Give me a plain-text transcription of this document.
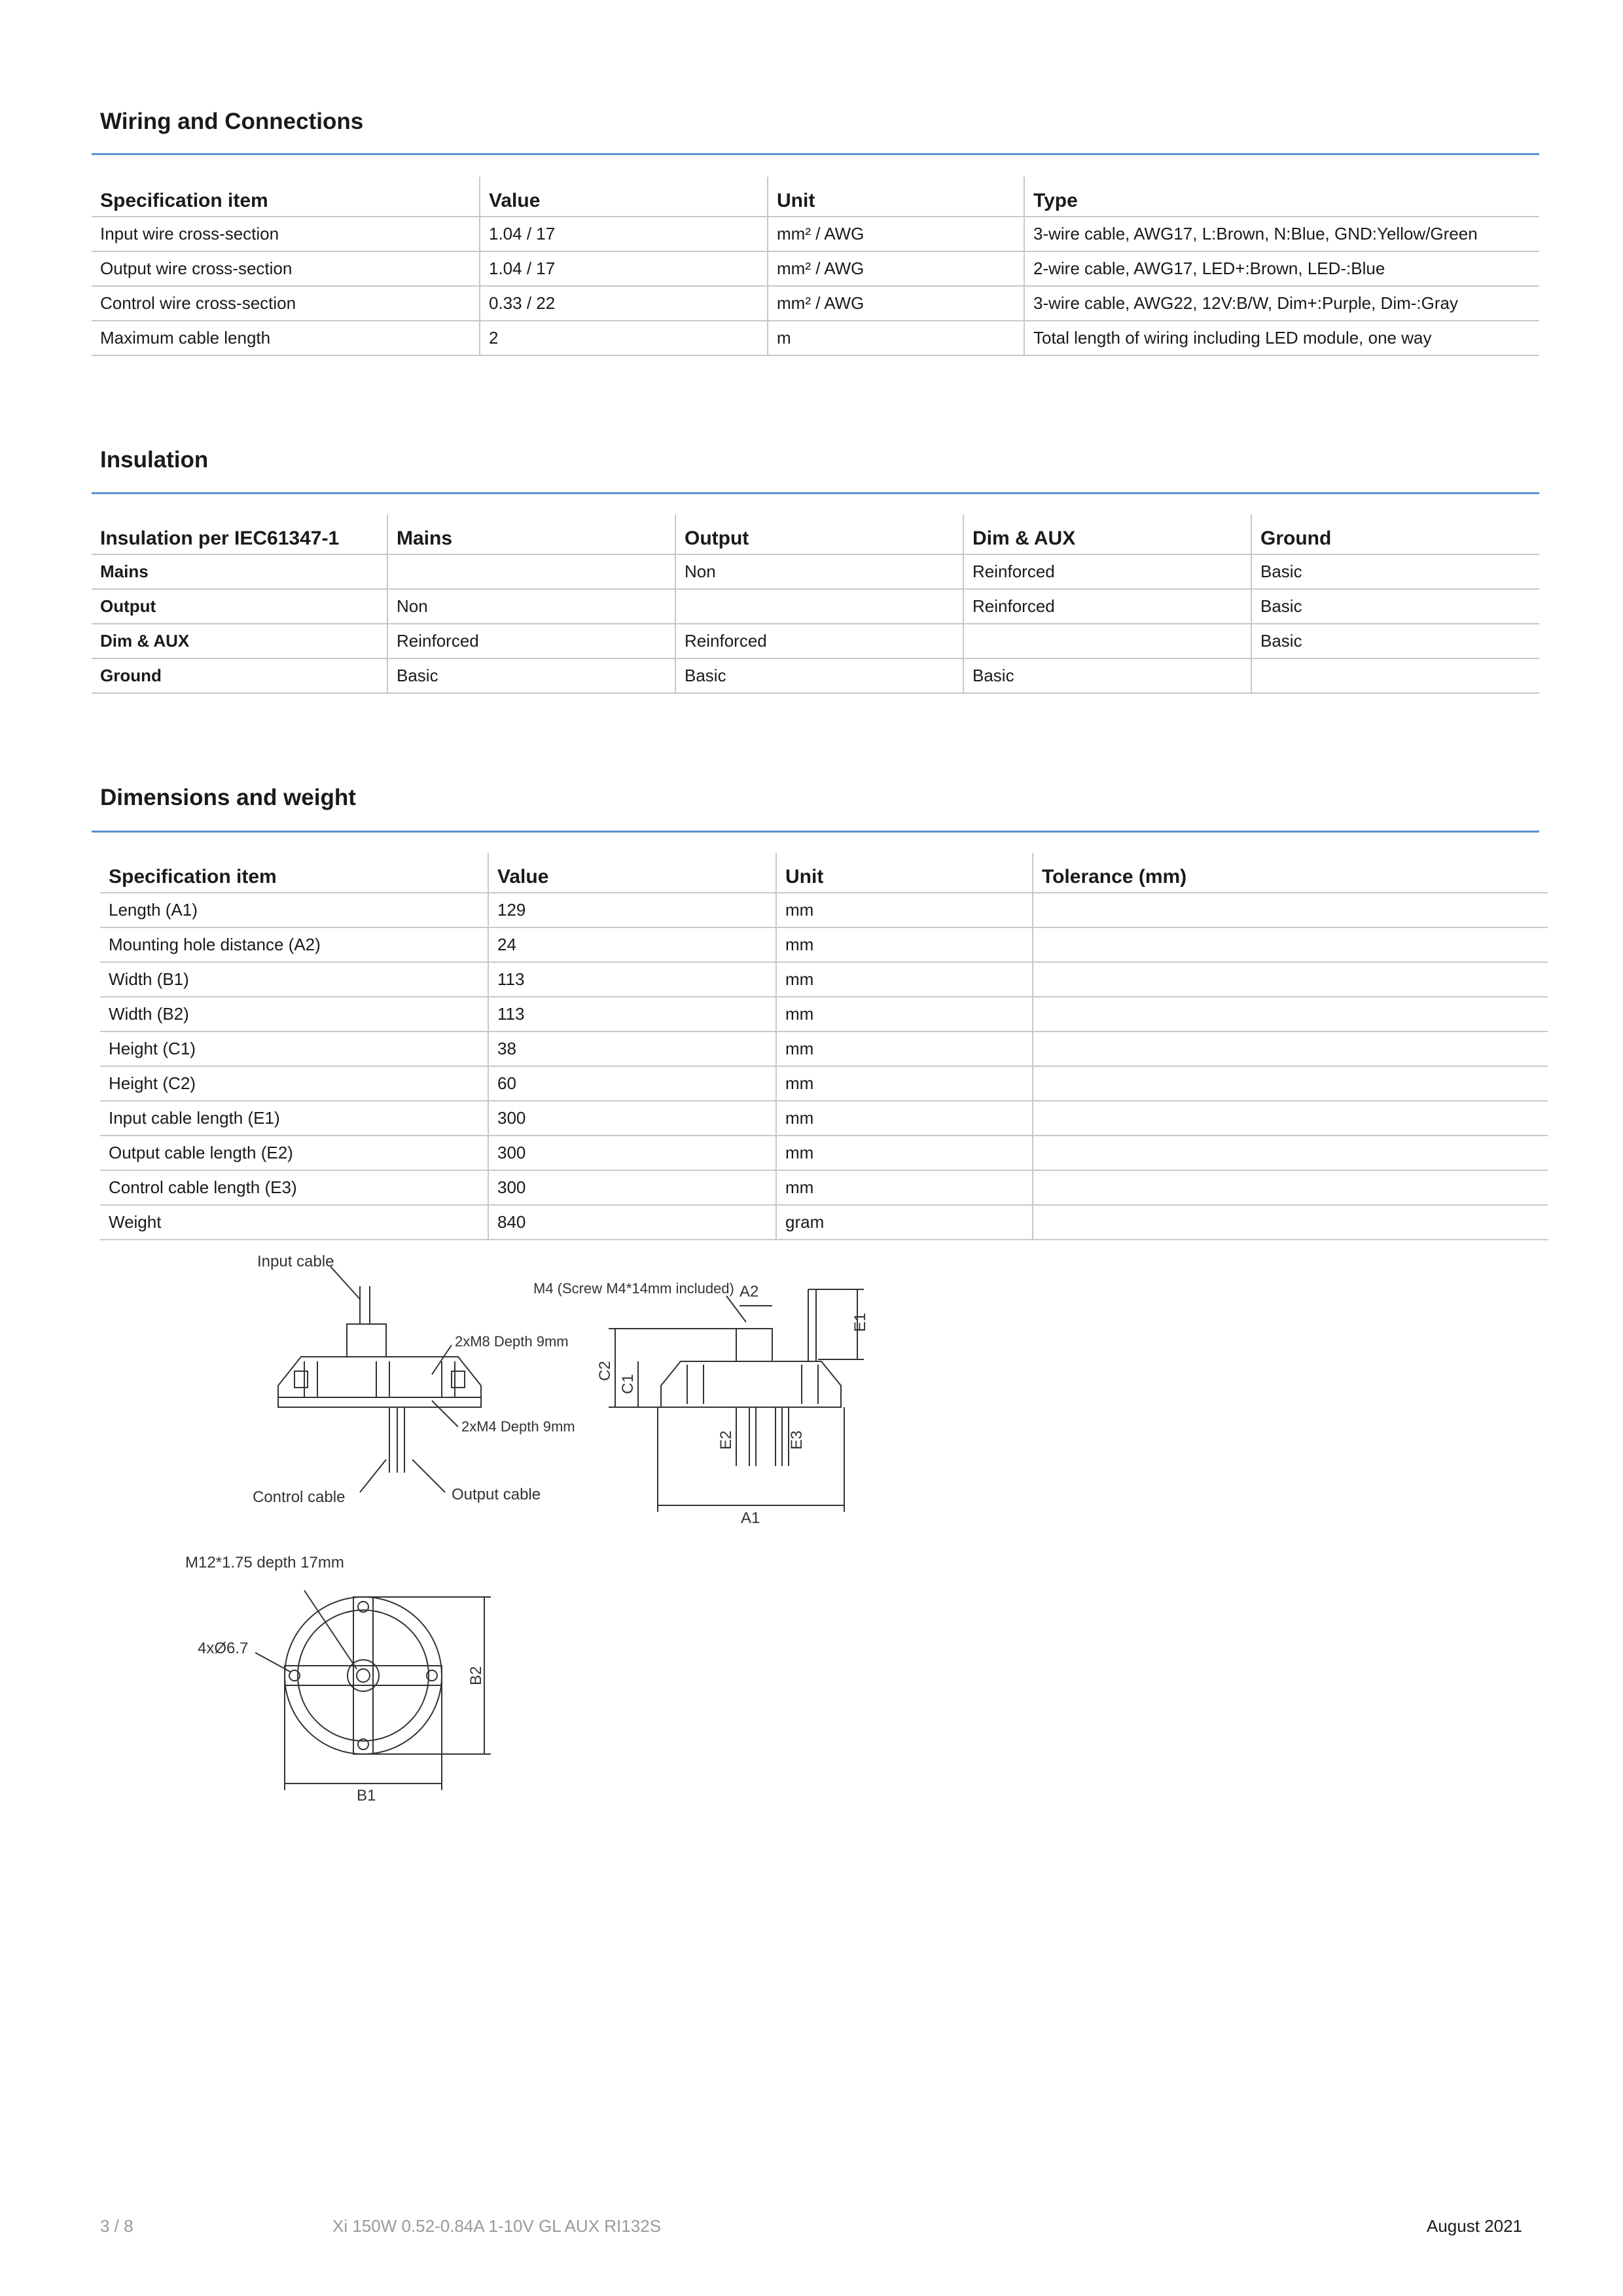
Wiring and Connections
Specification item	Value	Unit	Type
Input wire cross-section	1.04 / 17	mm² / AWG	3-wire cable, AWG17, L:Brown, N:Blue, GND:Yellow/Green
Output wire cross-section	1.04 / 17	mm² / AWG	2-wire cable, AWG17, LED+:Brown, LED-:Blue
Control wire cross-section	0.33 / 22	mm² / AWG	3-wire cable, AWG22, 12V:B/W, Dim+:Purple, Dim-:Gray
Maximum cable length	2	m	Total length of wiring including LED module, one way
Insulation
Insulation per IEC61347-1	Mains	Output	Dim & AUX	Ground
Mains		Non	Reinforced	Basic
Output	Non		Reinforced	Basic
Dim & AUX	Reinforced	Reinforced		Basic
Ground	Basic	Basic	Basic	
Dimensions and weight
Specification item	Value	Unit	Tolerance (mm)
Length (A1)	129	mm	
Mounting hole distance (A2)	24	mm	
Width (B1)	113	mm	
Width (B2)	113	mm	
Height (C1)	38	mm	
Height (C2)	60	mm	
Input cable length (E1)	300	mm	
Output cable length (E2)	300	mm	
Control cable length (E3)	300	mm	
Weight	840	gram	
Input cable
2xM8 Depth 9mm
2xM4 Depth 9mm
Control cable	Output cable
M4 (Screw M4*14mm included) A2
E1
C2
C1
E2	E3
A1
M12*1.75 depth 17mm
4xØ6.7
B2
B1
3 / 8	Xi 150W 0.52-0.84A 1-10V GL AUX RI132S	August 2021
